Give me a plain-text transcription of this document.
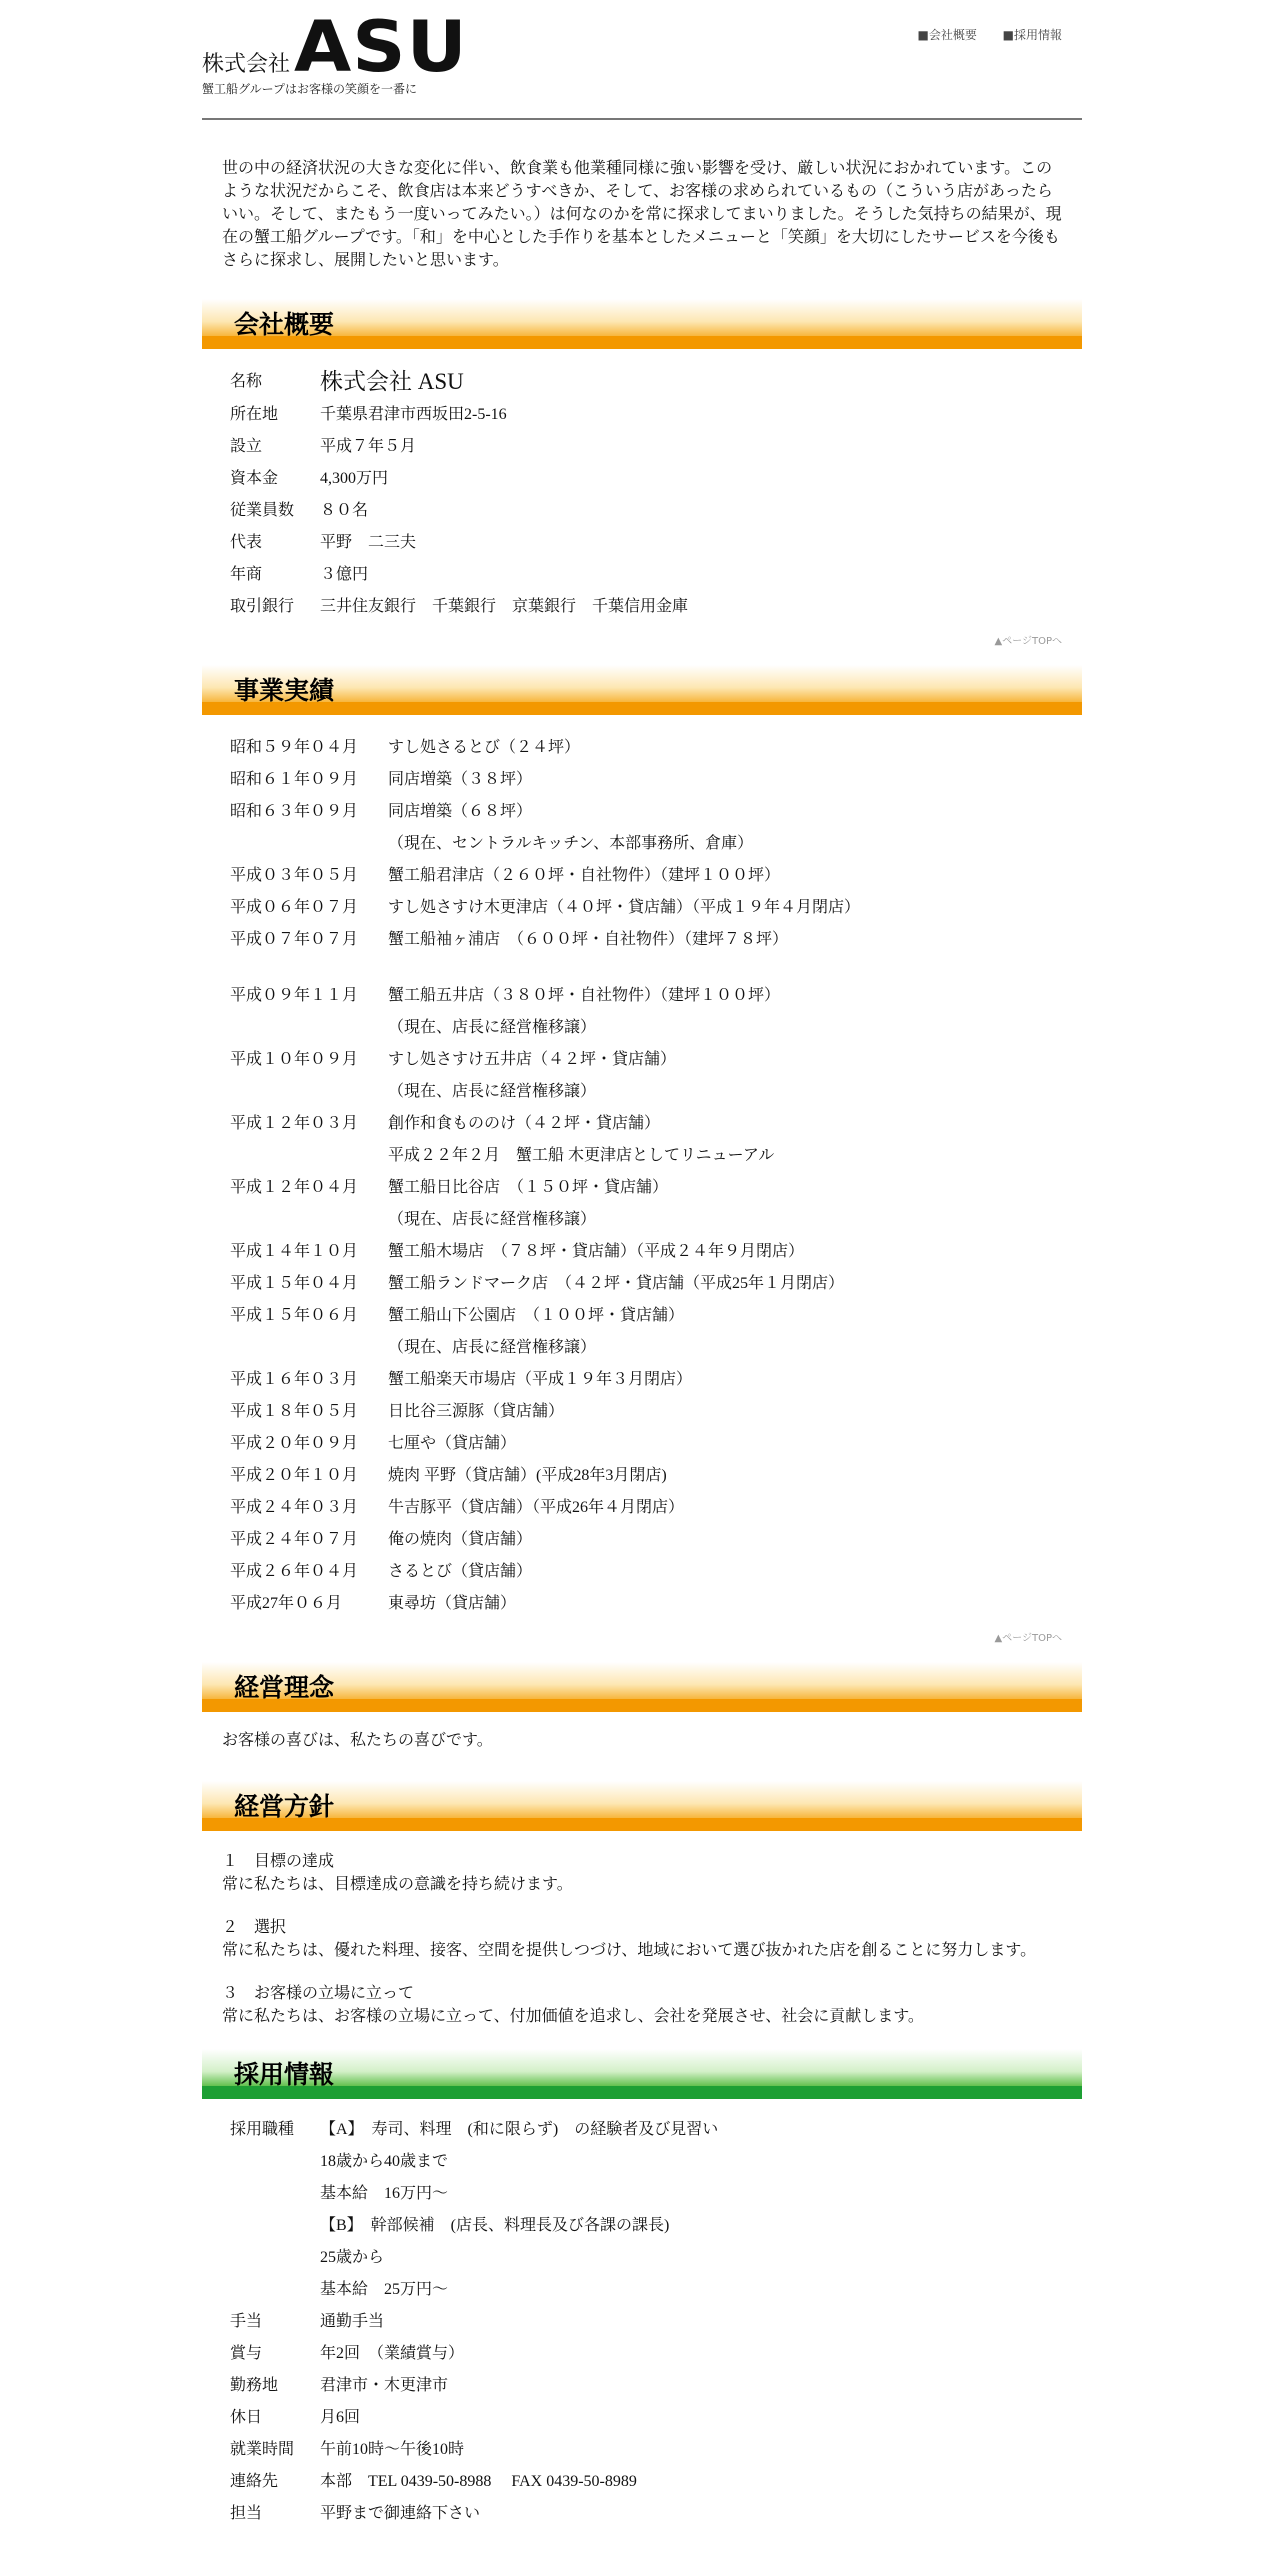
株式会社ASU
蟹工船グループはお客様の笑顔を一番に
■会社概要 ■採用情報

世の中の経済状況の大きな変化に伴い、飲食業も他業種同様に強い影響を受け、厳しい状況におかれています。このような状況だからこそ、飲食店は本来どうすべきか、そして、お客様の求められているもの（こういう店があったらいい。そして、またもう一度いってみたい。）は何なのかを常に探求してまいりました。そうした気持ちの結果が、現在の蟹工船グループです。「和」を中心とした手作りを基本としたメニューと「笑顔」を大切にしたサービスを今後もさらに探求し、展開したいと思います。

会社概要
名称	株式会社 ASU
所在地	千葉県君津市西坂田2-5-16
設立	平成７年５月
資本金	4,300万円
従業員数	８０名
代表	平野　二三夫
年商	３億円
取引銀行	三井住友銀行　千葉銀行　京葉銀行　千葉信用金庫
▲ページTOPへ
事業実績
昭和５９年０４月	すし処さるとび（２４坪）
昭和６１年０９月	同店増築（３８坪）
昭和６３年０９月	同店増築（６８坪）
（現在、セントラルキッチン、本部事務所、倉庫）
平成０３年０５月	蟹工船君津店（２６０坪・自社物件）（建坪１００坪）
平成０６年０７月	すし処さすけ木更津店（４０坪・貸店舗）（平成１９年４月閉店）
平成０７年０７月	蟹工船袖ヶ浦店　（６００坪・自社物件）（建坪７８坪）
平成０９年１１月	蟹工船五井店（３８０坪・自社物件）（建坪１００坪）
（現在、店長に経営権移譲）
平成１０年０９月	すし処さすけ五井店（４２坪・貸店舗）
（現在、店長に経営権移譲）
平成１２年０３月	創作和食もののけ（４２坪・貸店舗）
平成２２年２月　蟹工船 木更津店としてリニューアル
平成１２年０４月	蟹工船日比谷店　（１５０坪・貸店舗）
（現在、店長に経営権移譲）
平成１４年１０月	蟹工船木場店　（７８坪・貸店舗）（平成２４年９月閉店）
平成１５年０４月	蟹工船ランドマーク店　（４２坪・貸店舗（平成25年１月閉店）
平成１５年０６月	蟹工船山下公園店　（１００坪・貸店舗）
（現在、店長に経営権移譲）
平成１６年０３月	蟹工船楽天市場店（平成１９年３月閉店）
平成１８年０５月	日比谷三源豚（貸店舗）
平成２０年０９月	七厘や（貸店舗）
平成２０年１０月	焼肉 平野（貸店舗）(平成28年3月閉店)
平成２４年０３月	牛吉豚平（貸店舗）（平成26年４月閉店）
平成２４年０７月	俺の焼肉（貸店舗）
平成２６年０４月	さるとび（貸店舗）
平成27年０６月	東尋坊（貸店舗）
▲ページTOPへ
経営理念

お客様の喜びは、私たちの喜びです。

経営方針
１　目標の達成
常に私たちは、目標達成の意識を持ち続けます。
２　選択
常に私たちは、優れた料理、接客、空間を提供しつづけ、地域において選び抜かれた店を創ることに努力します。
３　お客様の立場に立って
常に私たちは、お客様の立場に立って、付加価値を追求し、会社を発展させ、社会に貢献します。
採用情報
採用職種	【A】　寿司、料理　(和に限らず)　の経験者及び見習い
18歳から40歳まで
基本給　16万円～
【B】　幹部候補　(店長、料理長及び各課の課長)
25歳から
基本給　25万円～
手当	通勤手当
賞与	年2回　（業績賞与）
勤務地	君津市・木更津市
休日	月6回
就業時間	午前10時～午後10時
連絡先	本部　TEL 0439-50-8988　 FAX 0439-50-8989
担当	平野まで御連絡下さい
